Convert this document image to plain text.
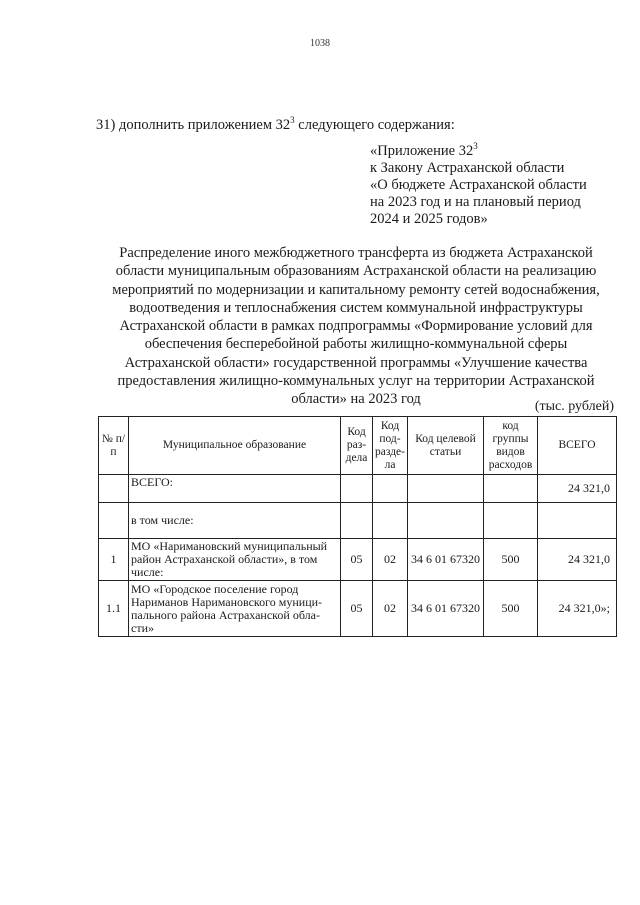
1038
31) дополнить приложением $32^3$ следующего содержания:
«Приложение $32^3$
к Закону Астраханской области
«О бюджете Астраханской области
на 2023 год и на плановый период
2024 и 2025 годов»
Распределение иного межбюджетного трансферта из бюджета Астраханской
области муниципальным образованиям Астраханской области на реализацию
мероприятий по модернизации и капитальному ремонту сетей водоснабжения,
водоотведения и теплоснабжения систем коммунальной инфраструктуры
Астраханской области в рамках подпрограммы «Формирование условий для
обеспечения бесперебойной работы жилищно-коммунальной сферы
Астраханской области» государственной программы «Улучшение качества
предоставления жилищно-коммунальных услуг на территории Астраханской
области» на 2023 год	(тыс. рублей)
№ п/п	Муниципальное образование	Код раз-дела	Код под-разде-ла	Код целевой статьи	код группы видов расходов	ВСЕГО
	ВСЕГО:					24 321,0
	в том числе:					
1	МО «Наримановский муниципальный район Астраханской области», в том числе:	05	02	34 6 01 67320	500	24 321,0
1.1	МО «Городское поселение город Нариманов Наримановского муници-пального района Астраханской обла-сти»	05	02	34 6 01 67320	500	24 321,0»;
